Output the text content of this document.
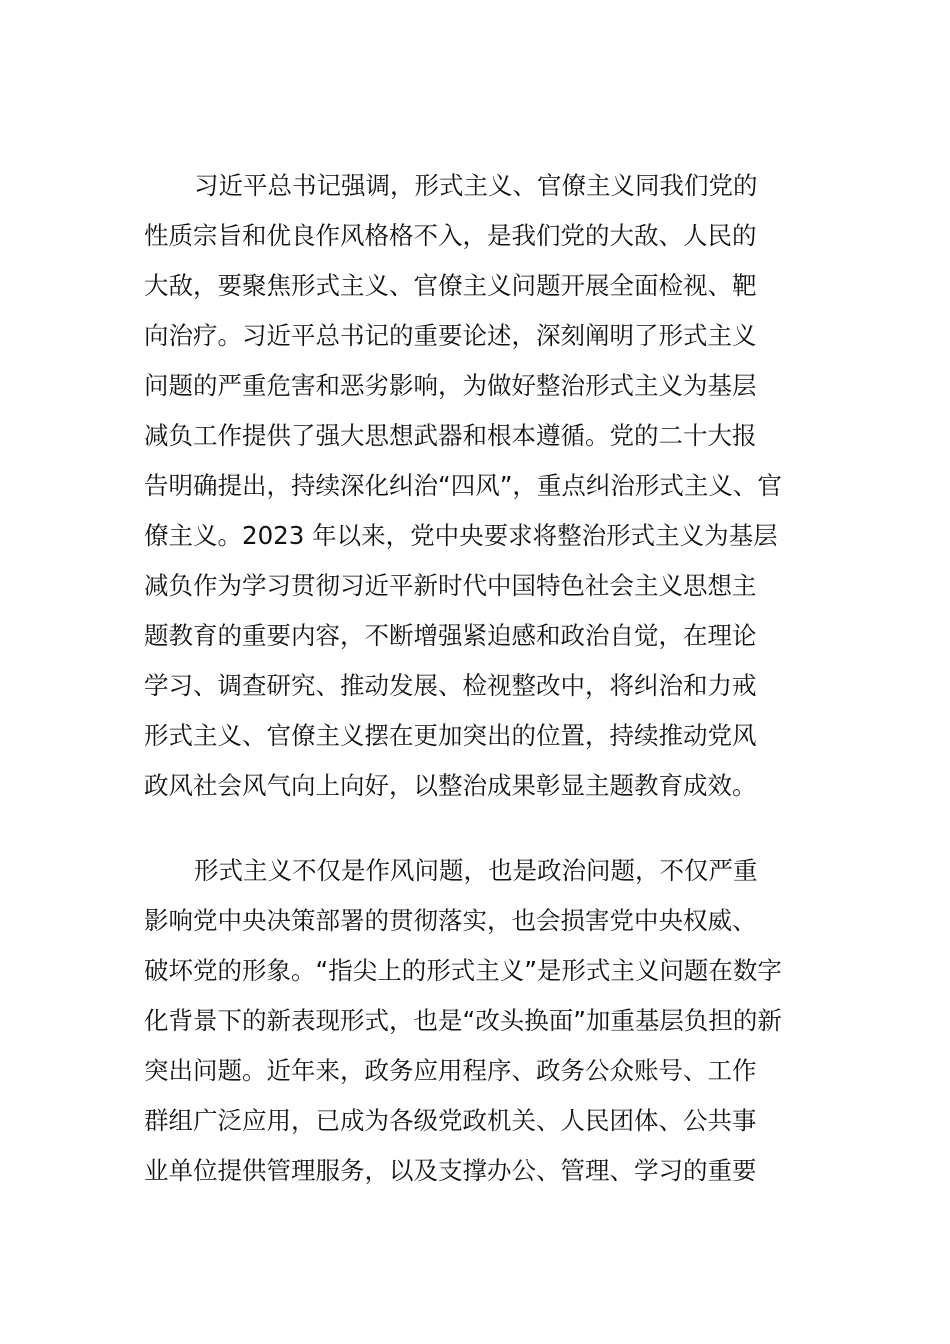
习近平总书记强调，形式主义、官僚主义同我们党的

性质宗旨和优良作风格格不入，是我们党的大敌、人民的

大敌，要聚焦形式主义、官僚主义问题开展全面检视、靶

向治疗。习近平总书记的重要论述，深刻阐明了形式主义

问题的严重危害和恶劣影响，为做好整治形式主义为基层

减负工作提供了强大思想武器和根本遵循。党的二十大报

告明确提出，持续深化纠治“四风”，重点纠治形式主义、官

僚主义。2023 年以来，党中央要求将整治形式主义为基层

减负作为学习贯彻习近平新时代中国特色社会主义思想主

题教育的重要内容，不断增强紧迫感和政治自觉，在理论

学习、调查研究、推动发展、检视整改中，将纠治和力戒

形式主义、官僚主义摆在更加突出的位置，持续推动党风

政风社会风气向上向好，以整治成果彰显主题教育成效。

形式主义不仅是作风问题，也是政治问题，不仅严重

影响党中央决策部署的贯彻落实，也会损害党中央权威、

破坏党的形象。“指尖上的形式主义”是形式主义问题在数字

化背景下的新表现形式，也是“改头换面”加重基层负担的新

突出问题。近年来，政务应用程序、政务公众账号、工作

群组广泛应用，已成为各级党政机关、人民团体、公共事

业单位提供管理服务，以及支撑办公、管理、学习的重要
